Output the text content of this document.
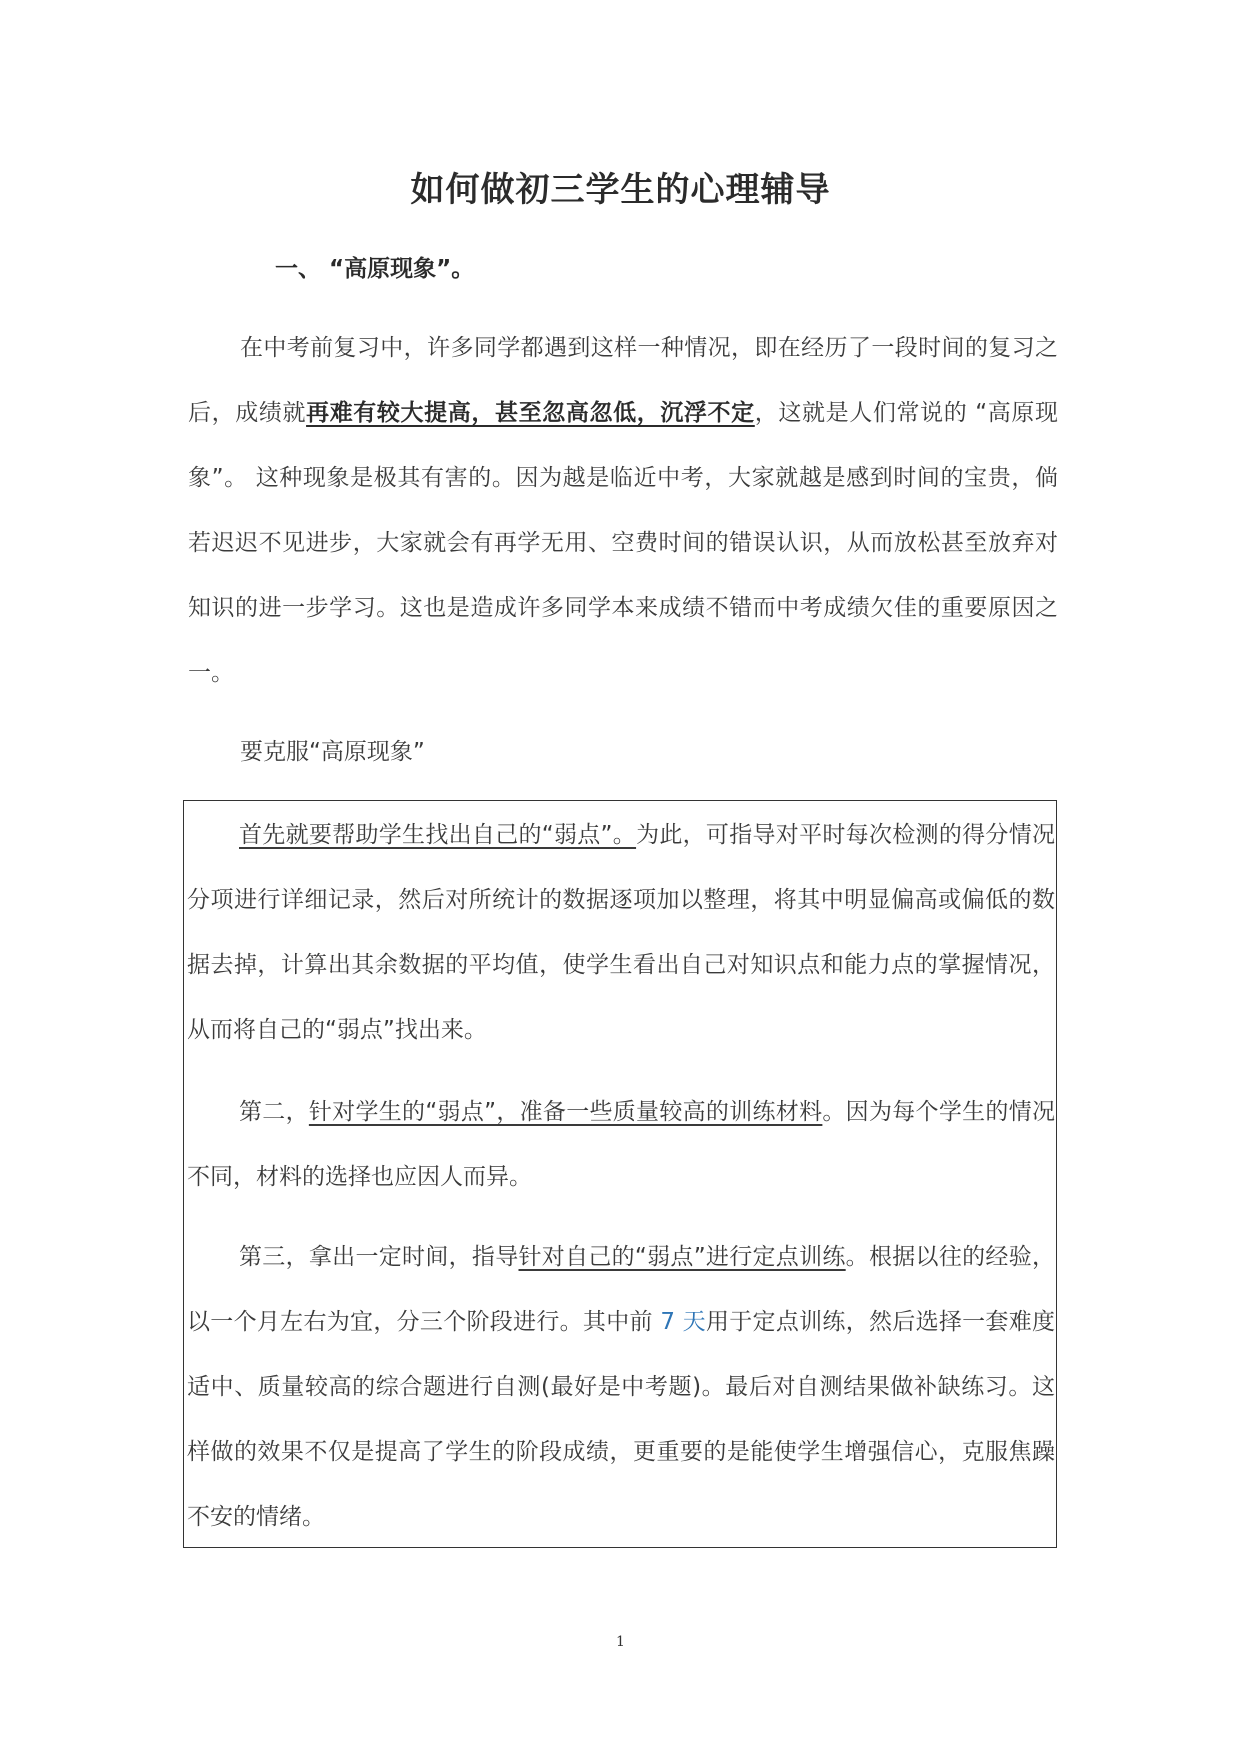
如何做初三学生的心理辅导
一、 “高原现象”。
在中考前复习中，许多同学都遇到这样一种情况，即在经历了一段时间的复习之后，成绩就再难有较大提高，甚至忽高忽低，沉浮不定，这就是人们常说的 “高原现象”。 这种现象是极其有害的。因为越是临近中考，大家就越是感到时间的宝贵，倘若迟迟不见进步，大家就会有再学无用、空费时间的错误认识，从而放松甚至放弃对知识的进一步学习。这也是造成许多同学本来成绩不错而中考成绩欠佳的重要原因之一。
要克服“高原现象”
首先就要帮助学生找出自己的“弱点”。为此，可指导对平时每次检测的得分情况分项进行详细记录，然后对所统计的数据逐项加以整理，将其中明显偏高或偏低的数据去掉，计算出其余数据的平均值，使学生看出自己对知识点和能力点的掌握情况，从而将自己的“弱点”找出来。
第二，针对学生的“弱点”，准备一些质量较高的训练材料。因为每个学生的情况不同，材料的选择也应因人而异。
第三，拿出一定时间，指导针对自己的“弱点”进行定点训练。根据以往的经验，以一个月左右为宜，分三个阶段进行。其中前 7 天用于定点训练，然后选择一套难度适中、质量较高的综合题进行自测(最好是中考题)。最后对自测结果做补缺练习。这样做的效果不仅是提高了学生的阶段成绩，更重要的是能使学生增强信心，克服焦躁不安的情绪。
1
